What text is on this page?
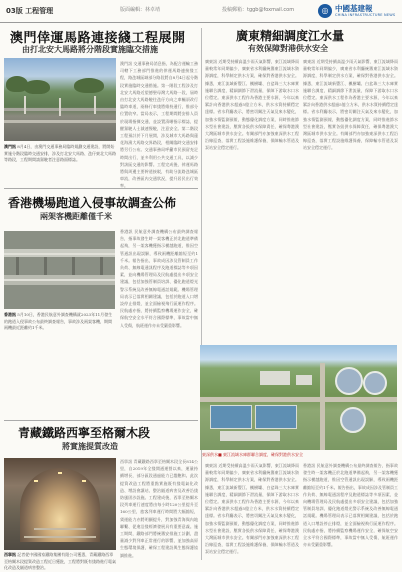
03版 工程管理	版面編輯：林卓靖	投稿郵箱：tggb@foxmail.com	◎ 中國基建報
CHINA INFRASTRUCTURE NEWS
澳門倖運馬路連接綫工程展開
由打北安大馬路將分階段實施臨交措施
澳門訊 8月4日，由澳門交通事務局臨時規劃交通建設，將開始實施分階段臨時交通安排，涉及打北安大馬路、氹仔東北大馬路等路段，工程期間請駕駛者注意路面標誌。
澳門訊 交通事務局消息指，為配合運輸工務司轄下工務部門推進的倖運馬路連接綫工程，路氹城區域部分路段將自8月4日起分階段實施臨時交通措施。第一階段工程涉及打北安大馬路近望德聖母灣大馬路一段，屆時由打北安大馬路駛往氹仔方向之車輛須改行臨時車道，兩條行車綫將維持通行，惟部分位置收窄。當局表示，工程期間將安排人員於現場指揮交通，並設置清晰指示標誌，提醒駕駛人士減速慢駛，注意安全。第二階段工程預計於下月展開，涉及城市大馬路與蓮花海濱大馬路交界路段，相關臨時交通安排將另行公布。交通事務局呼籲市民預留充足時間出行，並多利用公共交通工具，以減少對該區交通的影響。工程完成後，倖運馬路將與周邊主要幹道接駁，有助分流路氹城區車流，改善區內交通狀況，提升居民出行效率。
廣東精細調度江水量
有效保障對港供水安全
廣東訊 近期受持續高溫少雨天氣影響，東江流域降雨量較常年同期偏少，廣東省水利廳統籌東江流域水資源調度，科學制定供水方案，確保對香港供水安全。據悉，東江流域新豐江、楓樹壩、白盆珠三大水庫實施聯合調度，精細調節下泄流量，保障下游取水口水位穩定。東深供水工程作為香港主要水源，今年以來累計向香港供水超過5億立方米，供水水質持續穩定達標。省水利廳表示，將密切關注天氣及來水變化，加強水情監測預報，動態優化調度方案，同時推進節水型社會建設，壓實各級供水保障責任，確保粵港澳大灣區城市供水安全。有關部門亦加強東深供水工程沿線巡查，落實工程設施維護保養，保障輸水管道及泵站安全穩定運行。
廣東訊 近期受持續高溫少雨天氣影響，東江流域降雨量較常年同期偏少，廣東省水利廳統籌東江流域水資源調度，科學制定供水方案，確保對香港供水安全。據悉，東江流域新豐江、楓樹壩、白盆珠三大水庫實施聯合調度，精細調節下泄流量，保障下游取水口水位穩定。東深供水工程作為香港主要水源，今年以來累計向香港供水超過5億立方米，供水水質持續穩定達標。省水利廳表示，將密切關注天氣及來水變化，加強水情監測預報，動態優化調度方案，同時推進節水型社會建設，壓實各級供水保障責任，確保粵港澳大灣區城市供水安全。有關部門亦加強東深供水工程沿線巡查，落實工程設施維護保養，保障輸水管道及泵站安全穩定運行。
東深供水■ 東江流域水庫群聯合調度，確保對港供水安全
香港訊 民航意外調查機構公布最終調查報告，指事故發生時一架客機正於北跑道準備起飛，另一架客機獲指示橫越跑道，惟因空管通訊出現誤解，導致兩機距離縮短至約1千米。報告指出，事故成因涉及管制員工作負荷、無線電通訊程序及跑道標誌等多項因素，並向機場管理局及民航處提出多項安全建議，包括加強管制員培訓、優化跑道燈光警示系統及改善無線電通話規範。機場管理局表示已落實相關建議，包括於跑道入口增設停止排燈，並全面檢視飛行區運作程序。民航處亦指，將持續監察機場運作安全，確保航空安全水平符合國際標準，事故當中無人受傷，航班運作亦未受嚴重影響。
香港機場跑道入侵事故調查公佈
兩架客機距離僅千米
香港訊 5月10日，香港民航意外調查機構就2023年11月發生的跑道入侵事故公布最終調查報告，事故涉及兩架客機，期間兩機最近距離約1千米。
香港訊 民航意外調查機構公布最終調查報告，指事故發生時一架客機正於北跑道準備起飛，另一架客機獲指示橫越跑道，惟因空管通訊出現誤解，導致兩機距離縮短至約1千米。報告指出，事故成因涉及管制員工作負荷、無線電通訊程序及跑道標誌等多項因素，並向機場管理局及民航處提出多項安全建議，包括加強管制員培訓、優化跑道燈光警示系統及改善無線電通話規範。機場管理局表示已落實相關建議，包括於跑道入口增設停止排燈，並全面檢視飛行區運作程序。民航處亦指，將持續監察機場運作安全，確保航空安全水平符合國際標準，事故當中無人受傷，航班運作亦未受嚴重影響。
青藏鐵路西寧至格爾木段
將實施提質改造
西寧訊 記者從中國國家鐵路集團有限公司獲悉，青藏鐵路西寧至格爾木段提質改造工程近日獲批，工程將對既有綫路進行電氣化改造及隧道病害整治。
西寧訊 青藏鐵路西寧至格爾木段全長814公里，自2019年全綫開通運營以來，運量持續增長，部分區段通過能力已趨飽和。此次提質改造工程將重點實施既有綫電氣化改造、增設會讓站、整治隧道病害及改善沿綫防風固沙設施。工程建成後，西寧至格爾木段列車運行速度將由每小時120公里提升至160公里，旅客列車運行時間將大幅縮短，貨運能力亦將明顯提升，對加強青海與內地聯繫、促進沿綫經濟發展具有重要意義。施工期間，鐵路部門將統籌安排施工計劃，盡量減少對列車正常運行的影響，並加強高原生態環境保護，確保工程建設與生態保護協調推進。
廣東訊 近期受持續高溫少雨天氣影響，東江流域降雨量較常年同期偏少，廣東省水利廳統籌東江流域水資源調度，科學制定供水方案，確保對香港供水安全。據悉，東江流域新豐江、楓樹壩、白盆珠三大水庫實施聯合調度，精細調節下泄流量，保障下游取水口水位穩定。東深供水工程作為香港主要水源，今年以來累計向香港供水超過5億立方米，供水水質持續穩定達標。省水利廳表示，將密切關注天氣及來水變化，加強水情監測預報，動態優化調度方案，同時推進節水型社會建設，壓實各級供水保障責任，確保粵港澳大灣區城市供水安全。有關部門亦加強東深供水工程沿線巡查，落實工程設施維護保養，保障輸水管道及泵站安全穩定運行。
